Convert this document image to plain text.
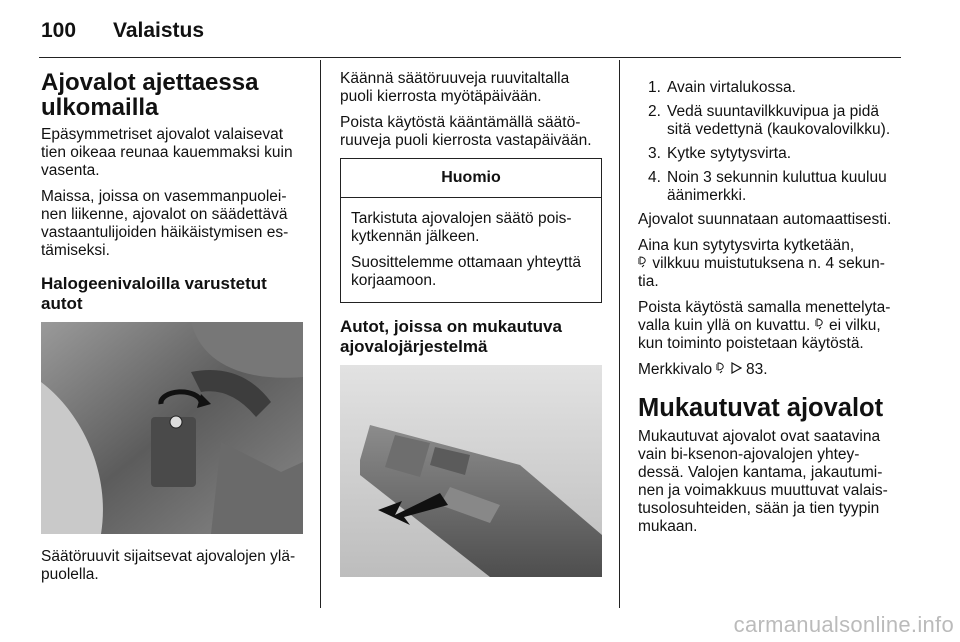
100 Valaistus
Ajovalot ajettaessa ulkomailla

Epäsymmetriset ajovalot valaisevat tien oikeaa reunaa kauemmaksi kuin vasenta.

Maissa, joissa on vasemmanpuolei-nen liikenne, ajovalot on säädettävä vastaantulijoiden häikäistymisen es-tämiseksi.

Halogeenivaloilla varustetut autot

Säätöruuvit sijaitsevat ajovalojen ylä-puolella.

Käännä säätöruuveja ruuvitaltalla puoli kierrosta myötäpäivään.

Poista käytöstä kääntämällä säätö-ruuveja puoli kierrosta vastapäivään.

Huomio

Tarkistuta ajovalojen säätö pois-kytkennän jälkeen.

Suosittelemme ottamaan yhteyttä korjaamoon.

Autot, joissa on mukautuva ajovalojärjestelmä
1. Avain virtalukossa.
2. Vedä suuntavilkkuvipua ja pidä sitä vedettynä (kaukovalovilkku).
3. Kytke sytytysvirta.
4. Noin 3 sekunnin kuluttua kuuluu äänimerkki.

Ajovalot suunnataan automaattisesti.

Aina kun sytytysvirta kytketään,
vilkkuu muistutuksena n. 4 sekun-tia.

Poista käytöstä samalla menettelyta-valla kuin yllä on kuvattu. ei vilku, kun toiminto poistetaan käytöstä.

Merkkivalo 83.

Mukautuvat ajovalot

Mukautuvat ajovalot ovat saatavina vain bi-ksenon-ajovalojen yhtey-dessä. Valojen kantama, jakautumi-nen ja voimakkuus muuttuvat valais-tusolosuhteiden, sään ja tien tyypin mukaan.

carmanualsonline.info
